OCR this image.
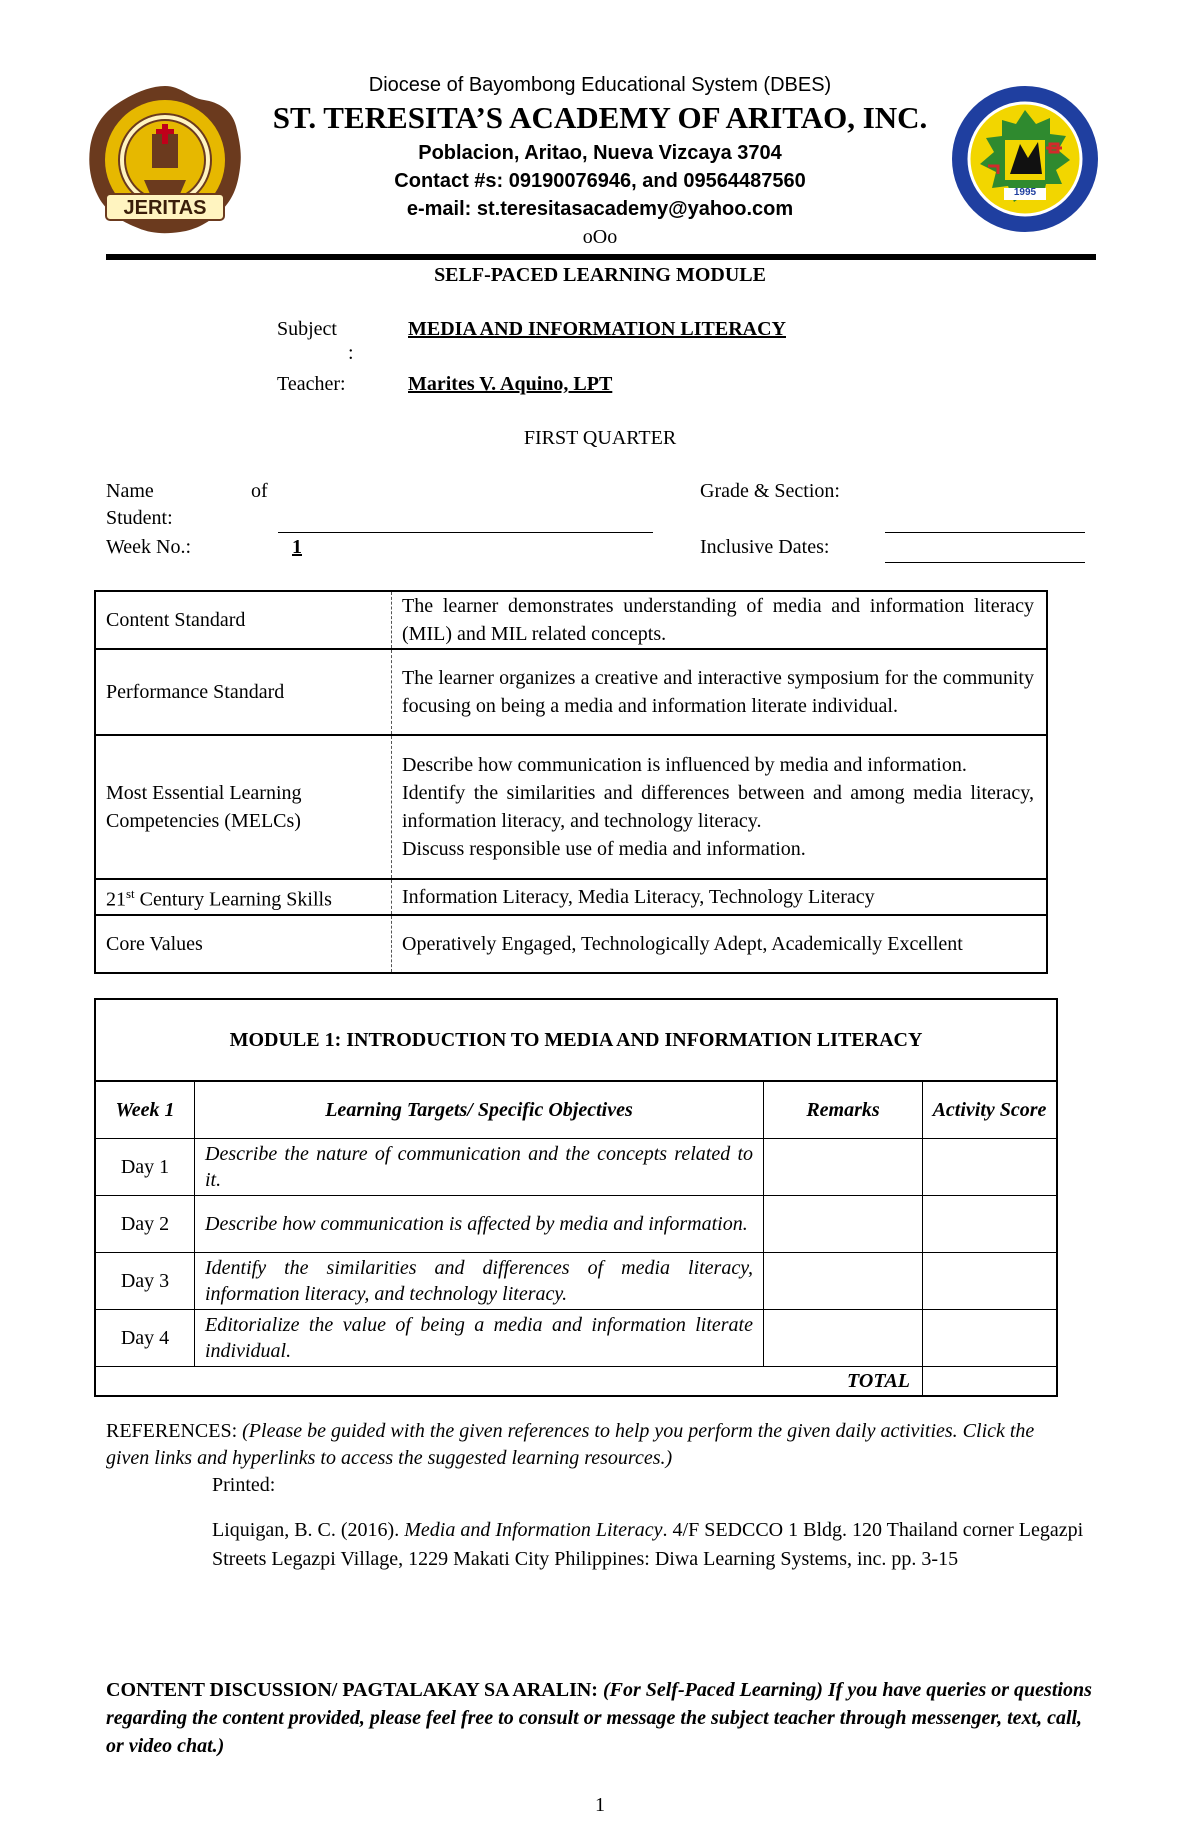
JERITAS
1995
Diocese of Bayombong Educational System (DBES)
ST. TERESITA’S ACADEMY OF ARITAO, INC.
Poblacion, Aritao, Nueva Vizcaya 3704
Contact #s: 09190076946, and 09564487560
e-mail: st.teresitasacademy@yahoo.com
oOo
SELF-PACED LEARNING MODULE
Subject
:
MEDIA AND INFORMATION LITERACY
Teacher:	Marites V. Aquino, LPT
FIRST QUARTER
Name	of
Student:
Grade & Section:
Week No.:	1	Inclusive Dates:
Content Standard	The learner demonstrates understanding of media and information literacy (MIL) and MIL related concepts.
Performance Standard	The learner organizes a creative and interactive symposium for the community focusing on being a media and information literate individual.
Most Essential Learning Competencies (MELCs)	Describe how communication is influenced by media and information.
Identify the similarities and differences between and among media literacy, information literacy, and technology literacy.
Discuss responsible use of media and information.

21st Century Learning Skills	Information Literacy, Media Literacy, Technology Literacy
Core Values	Operatively Engaged, Technologically Adept, Academically Excellent
MODULE 1: INTRODUCTION TO MEDIA AND INFORMATION LITERACY			
Week 1	Learning Targets/ Specific Objectives	Remarks	Activity Score
Day 1	Describe the nature of communication and the concepts related to it.		
Day 2	Describe how communication is affected by media and information.		
Day 3	Identify the similarities and differences of media literacy, information literacy, and technology literacy.		
Day 4	Editorialize the value of being a media and information literate individual.		
TOTAL			
REFERENCES: (Please be guided with the given references to help you perform the given daily activities. Click the given links and hyperlinks to access the suggested learning resources.)
Printed:
Liquigan, B. C. (2016). Media and Information Literacy. 4/F SEDCCO 1 Bldg. 120 Thailand corner Legazpi Streets Legazpi Village, 1229 Makati City Philippines: Diwa Learning Systems, inc. pp. 3-15
CONTENT DISCUSSION/ PAGTALAKAY SA ARALIN: (For Self-Paced Learning) If you have queries or questions regarding the content provided, please feel free to consult or message the subject teacher through messenger, text, call, or video chat.)
1
